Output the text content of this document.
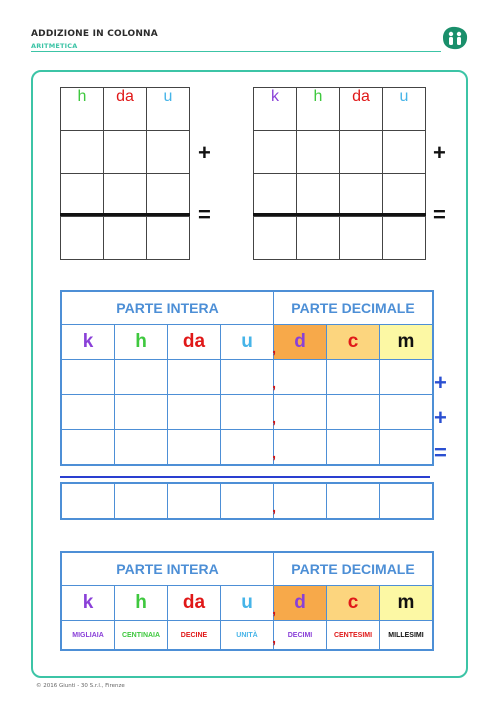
ADDIZIONE IN COLONNA
ARITMETICA
h	da	u

+
=
k	h	da	u

+
=
PARTE INTERA				PARTE DECIMALE		
k	h	da	u ,	d	c	m

			,			

			,			

			,			

+
+
=

,

PARTE INTERA				PARTE DECIMALE		
k	h	da	u ,	d	c	m
MIGLIAIA	CENTINAIA	DECINE	UNITÀ ,	DECIMI	CENTESIMI	MILLESIMI
© 2016 Giunti - 30 S.r.l., Firenze
